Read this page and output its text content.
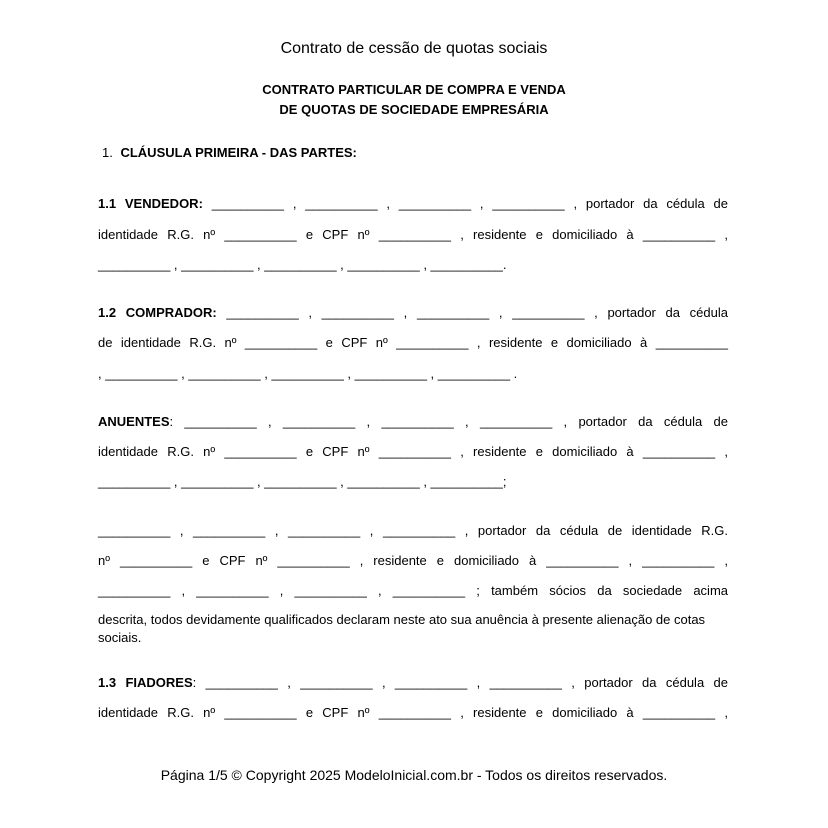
Contrato de cessão de quotas sociais
CONTRATO PARTICULAR DE COMPRA E VENDA
DE QUOTAS DE SOCIEDADE EMPRESÁRIA
1. CLÁUSULA PRIMEIRA - DAS PARTES:
1.1 VENDEDOR: __________ , __________ , __________ , __________ , portador da cédula de
identidade R.G. nº __________ e CPF nº __________ , residente e domiciliado à __________ ,
__________ , __________ , __________ , __________ , __________.
1.2 COMPRADOR: __________ , __________ , __________ , __________ , portador da cédula
de identidade R.G. nº __________ e CPF nº __________ , residente e domiciliado à __________
, __________ , __________ , __________ , __________ , __________ .
ANUENTES: __________ , __________ , __________ , __________ , portador da cédula de
identidade R.G. nº __________ e CPF nº __________ , residente e domiciliado à __________ ,
__________ , __________ , __________ , __________ , __________;
__________ , __________ , __________ , __________ , portador da cédula de identidade R.G.
nº __________ e CPF nº __________ , residente e domiciliado à __________ , __________ ,
__________ , __________ , __________ , __________ ; também sócios da sociedade acima
descrita, todos devidamente qualificados declaram neste ato sua anuência à presente alienação de cotas sociais.
1.3 FIADORES: __________ , __________ , __________ , __________ , portador da cédula de
identidade R.G. nº __________ e CPF nº __________ , residente e domiciliado à __________ ,
Página 1/5 © Copyright 2025 ModeloInicial.com.br - Todos os direitos reservados.
